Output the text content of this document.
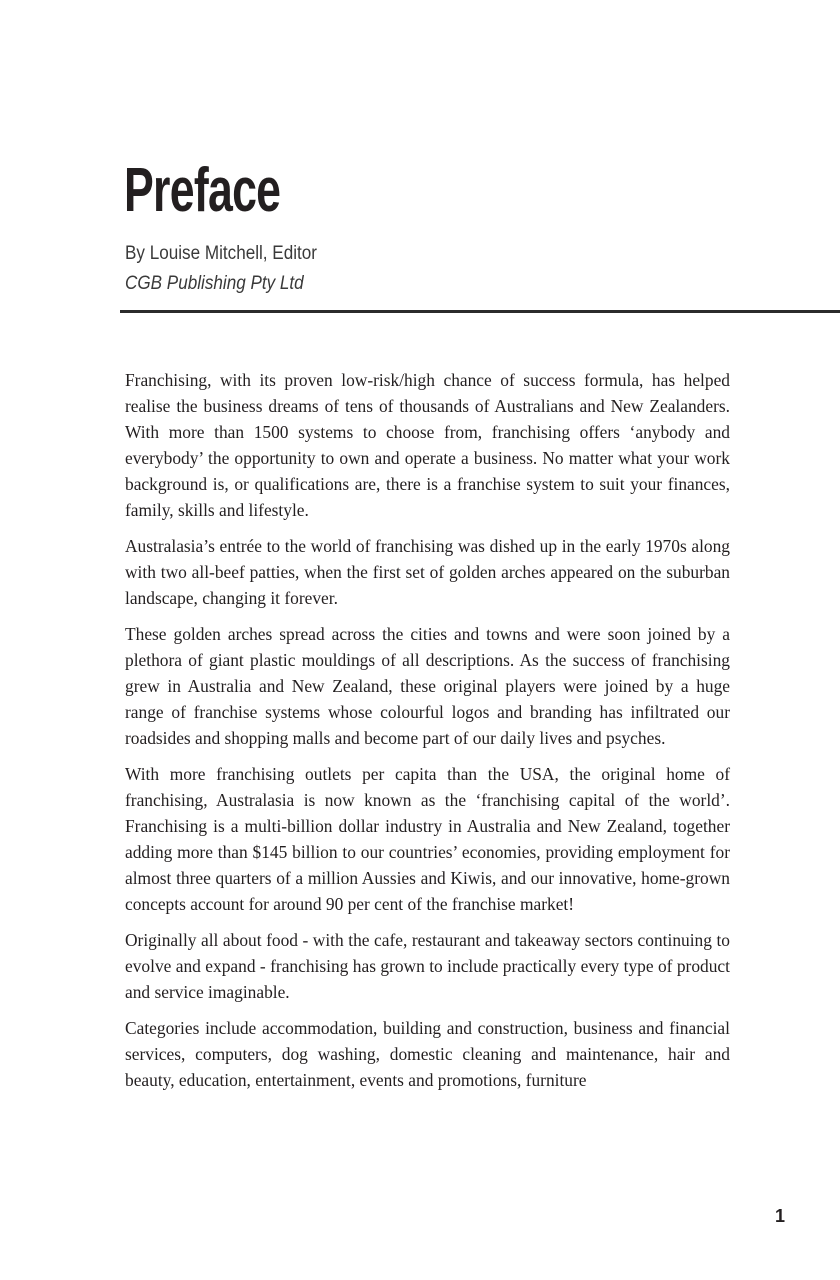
Preface
By Louise Mitchell, Editor
CGB Publishing Pty Ltd

Franchising, with its proven low-risk/high chance of success formula, has helped realise the business dreams of tens of thousands of Australians and New Zealanders. With more than 1500 systems to choose from, franchising offers ‘anybody and everybody’ the opportunity to own and operate a business. No matter what your work background is, or qualifications are, there is a franchise system to suit your finances, family, skills and lifestyle.

Australasia’s entrée to the world of franchising was dished up in the early 1970s along with two all-beef patties, when the first set of golden arches appeared on the suburban landscape, changing it forever.

These golden arches spread across the cities and towns and were soon joined by a plethora of giant plastic mouldings of all descriptions. As the success of franchising grew in Australia and New Zealand, these original players were joined by a huge range of franchise systems whose colourful logos and branding has infiltrated our roadsides and shopping malls and become part of our daily lives and psyches.

With more franchising outlets per capita than the USA, the original home of franchising, Australasia is now known as the ‘franchising capital of the world’. Franchising is a multi-billion dollar industry in Australia and New Zealand, together adding more than $145 billion to our countries’ economies, providing employment for almost three quarters of a million Aussies and Kiwis, and our innovative, home-grown concepts account for around 90 per cent of the franchise market!

Originally all about food - with the cafe, restaurant and takeaway sectors continuing to evolve and expand - franchising has grown to include practically every type of product and service imaginable.

Categories include accommodation, building and construction, business and financial services, computers, dog washing, domestic cleaning and maintenance, hair and beauty, education, entertainment, events and promotions, furniture

1
